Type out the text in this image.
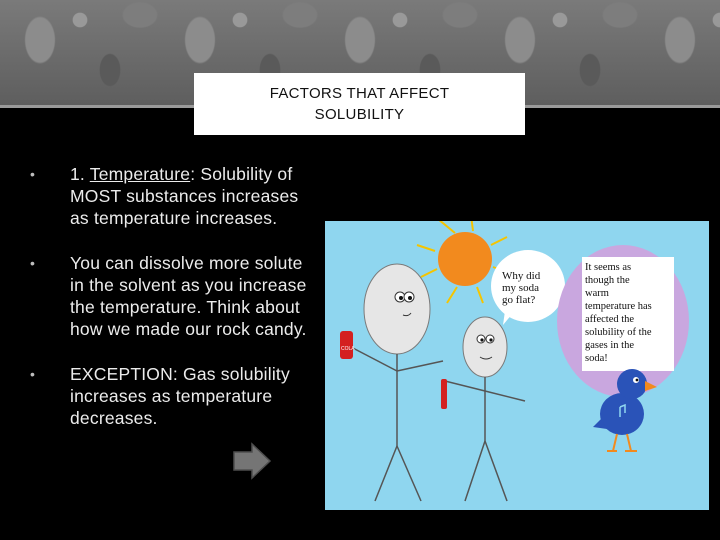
FACTORS THAT AFFECT
SOLUBILITY
• 1. Temperature: Solubility of MOST substances increases as temperature increases.
• You can dissolve more solute in the solvent as you increase the temperature. Think about how we made our rock candy.
• EXCEPTION: Gas solubility increases as temperature decreases.
COLA
Why did my soda go flat?
It seems as though the warm temperature has affected the solubility of the gases in the soda!
